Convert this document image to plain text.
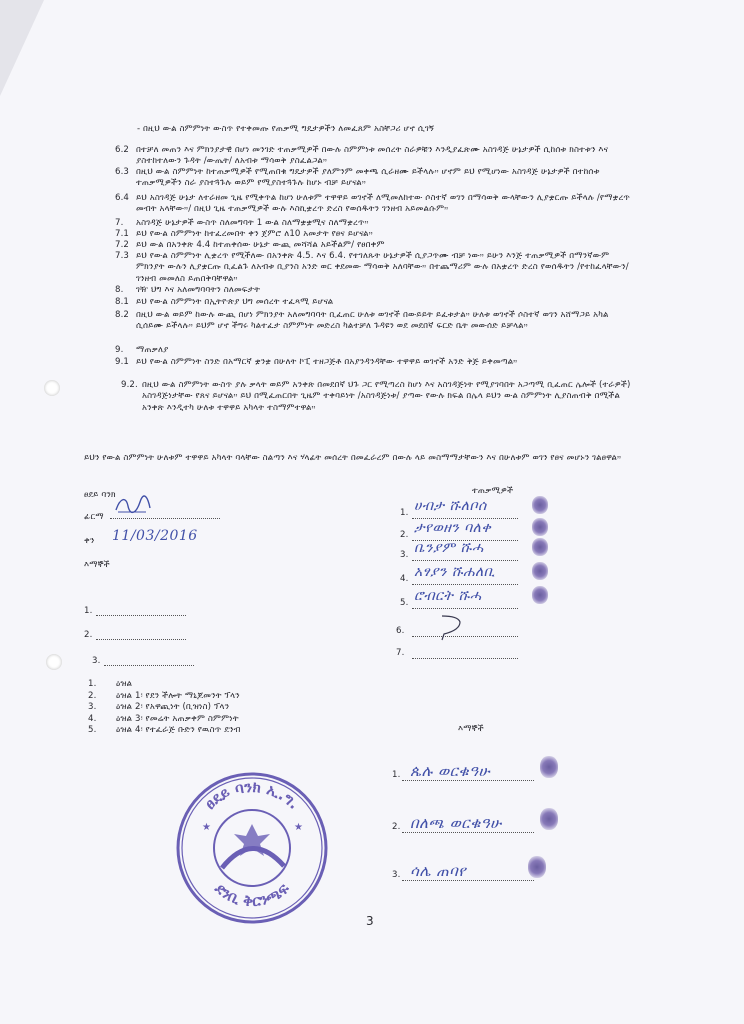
- በዚህ ውል ስምምነት ውስጥ የተቀመጡ የጠቃሚ ግዴታዎችን ለመፈጸም አስቸጋሪ ሆኖ ሲገኝ
6.2 በተቻለ መጠን እና ምክንያታዊ በሆነ መንገድ ተጠቃሚዎች በውሉ ስምምነቱ መሰረት ስራዎቹን እንዲያፈጽሙ አስገዳጅ ሁኔታዎች ሲከሰቱ ክስተቱን እና ያስተከተለውን ጉዳት /ውጤት/ ለአብቱ ማሳወቅ ያስፈልጋል።
6.3 በዚህ ውል ስምምነት ከተጠቃሚዎች የሚጠበቁ ግዴታዎች ያለምንም መቀጫ ሲራዘሙ ይችላሉ። ሆኖም ይህ የሚሆነው አስገዳጅ ሁኔታዎች በተከሰቱ ተጠቃሚዎችን ስራ ያስተጓጉሉ ወይም የሚያስተጓጉሉ ከሆኑ ብቻ ይሆናል።
6.4 ይህ አስገዳጅ ሁኔታ ለተራዘመ ጊዜ የሚቀጥል ከሆነ ሁለቱም ተዋዋይ ወገኖች ለሚመለከተው ሶስተኛ ወገን በማሳወቅ ውላቸውን ሊያቋርጡ ይችላሉ /የማቋረጥ መብት አላቸው።/ በዚህ ጊዜ ተጠቃሚዎች ውሉ እስኪቋረጥ ድረስ የወሰዱትን ገንዘብ አይመልሱም።
7. አስገዳጅ ሁኔታዎች ውስጥ ስለመግባት 1 ውል ስለማቋቋሚና ስለማቋረጥ።
7.1 ይህ የውል ስምምነት ከተፈረመበት ቀን ጀምሮ ለ10 አመታት የፀና ይሆናል።
7.2 ይህ ውል በአንቀጽ 4.4 ከተጠቀሰው ሁኔታ ውጪ መሻሻል አይችልም/ የፀበቀም
7.3 ይህ የውል ስምምነት ሊቋረጥ የሚችለው በአንቀጽ 4.5. እና 6.4. የተገለጹት ሁኔታዎች ሲያጋጥሙ ብቻ ነው። ይሁን እንጅ ተጠቃሚዎች በማንኛውም ምክንያት ውሉን ሊያቋርጡ ቢፈልጉ ለአብቱ ቢያንስ አንድ ወር ቀደመው ማሳወቅ አለባቸው። በተጨማሪም ውሉ በአቋረጥ ድረስ የወሰዱትን /የተከፈላቸውን/ ገንዘብ መመለስ ይጠበቅባቸዋል።
8. ገዥ ህግ እና አለመግባባትን ስለመፍታት
8.1 ይህ የውል ስምምነት በኢትዮጵያ ህግ መሰረት ተፈጻሚ ይሆናል
8.2 በዚህ ውል ወይም ከውሉ ውጪ በሆነ ምክንያት አለመግባባት ቢፈጠር ሁለቱ ወገኖች በውይይት ይፈቱታል። ሁለቱ ወገኖች ሶስተኛ ወገን አሸማጋይ አካል ሲሰይሙ ይችላሉ። ይህም ሆኖ ችግሩ ካልተፈታ ስምምነት መድረስ ካልተቻለ ጉዳዩን ወደ መደበኛ ፍርድ ቤት መውሰድ ይቻላል።
9. ማጠቃለያ
9.1 ይህ የውል ስምምነት ስንድ በአማርኛ ቋንቋ በሁለት ኮፒ ተዘጋጅቶ በአያንዳንዳቸው ተዋዋይ ወገኖች አንድ ቅጅ ይቀመጣል።
9.2. በዚህ ውል ስምምነት ውስጥ ያሉ ቃላት ወይም አንቀጽ በመደበኛ ህጉ ጋር የሚጣረስ ከሆነ እና አስገዳጅነት የሚያገባበት አጋጣሚ ቢፈጠር ሌሎች (ተራዎች) አስገዳጅነታቸው የጸና ይሆናል። ይህ በሚፈጠርበት ጊዜም ተቀባይነት /አስገዳጅነቱ/ ያጣው የውሉ ክፍል በሌላ ይህን ውል ስምምነት ሊያስጠብቅ በሚችል አንቀጽ እንዲተካ ሁለቱ ተዋዋይ አካላት ተስማምተዋል።
ይህን የውል ስምምነት ሁለቱም ተዋዋይ አካላት ባላቸው ስልጣን እና ሃላፊት መሰረት በመፈራረም በውሉ ላይ መስማማታቸውን እና በሁለቱም ወገን የፀና መሆኑን ገልፀዋል።
ፀደይ ባንክ
ፊርማ
ቀን 11/03/2016
እማኞች
1.
2.
3.
ተጠቃሚዎች
1. ሀብታ ሹለቦሰ
2. ታየወዘን ባለቀ
3. ቤንያም ሹሓ
4. አፃያን ሹሐለቢ
5. ሮብርት ሹሓ
6.
7.
1. ዕዝል
2. ዕዝል 1፡ የደን ችሎት ማኒጆመንት ፕላን
3. ዕዝል 2፡ የአዋጪነት (ቢዝነስ) ፕላን
4. ዕዝል 3፡ የመሬት አጠቃቀም ስምምነት
5. ዕዝል 4፡ የተፈራጅ ቡድን የዉስጥ ደንብ	እማኞች
1. ጴሉ ወርቁዓሁ
2. በለጫ ወርቁዓሁ
3. ሳሌ ጠባየ
ፀደይ ባንክ ኢ.ግ.
ደንቢ ቅርንጫፍ
★	★
3
